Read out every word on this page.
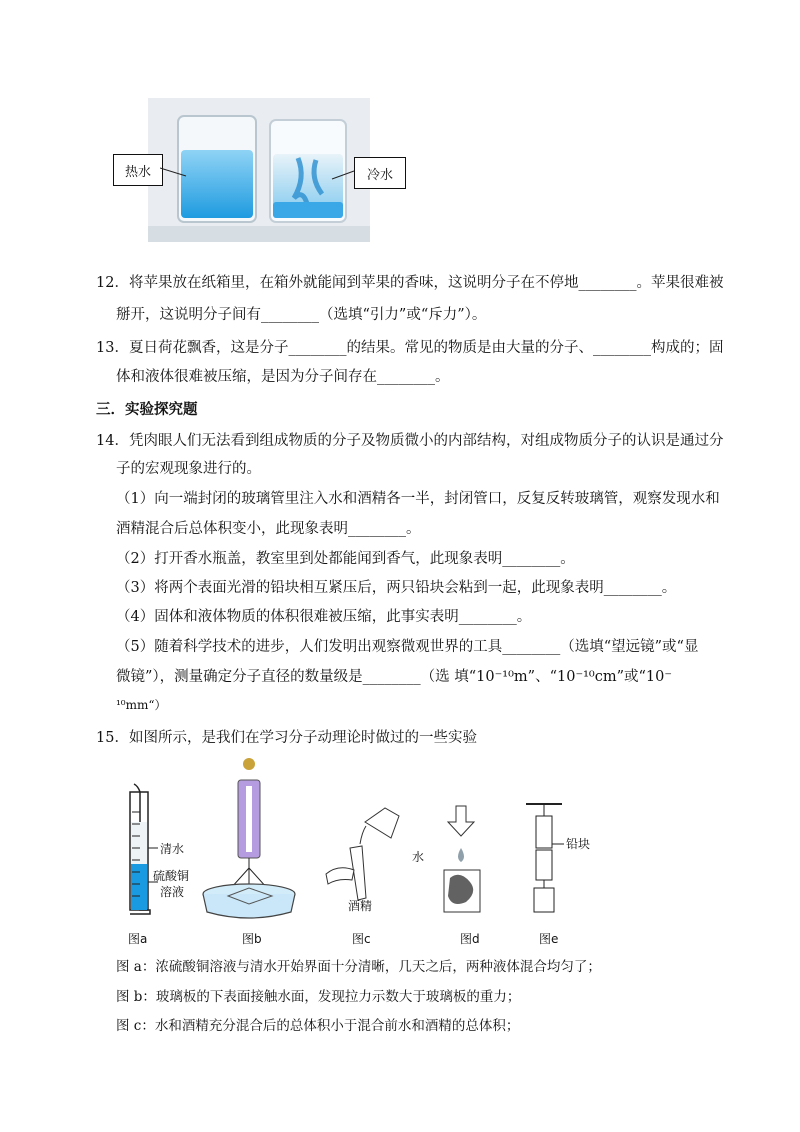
热水	冷水
12．将苹果放在纸箱里，在箱外就能闻到苹果的香味，这说明分子在不停地________。苹果很难被
掰开，这说明分子间有________（选填“引力”或“斥力”）。
13．夏日荷花飘香，这是分子________的结果。常见的物质是由大量的分子、________构成的；固
体和液体很难被压缩，是因为分子间存在________。
三．实验探究题
14．凭肉眼人们无法看到组成物质的分子及物质微小的内部结构，对组成物质分子的认识是通过分
子的宏观现象进行的。
（1）向一端封闭的玻璃管里注入水和酒精各一半，封闭管口，反复反转玻璃管，观察发现水和
酒精混合后总体积变小，此现象表明________。
（2）打开香水瓶盖，教室里到处都能闻到香气，此现象表明________。
（3）将两个表面光滑的铅块相互紧压后，两只铅块会粘到一起，此现象表明________。
（4）固体和液体物质的体积很难被压缩，此事实表明________。
（5）随着科学技术的进步，人们发明出观察微观世界的工具________（选填“望远镜”或“显
微镜”），测量确定分子直径的数量级是________（选 填“10⁻¹⁰m”、“10⁻¹⁰cm”或“10⁻
¹⁰mm“）
15．如图所示，是我们在学习分子动理论时做过的一些实验
清水
硫酸铜
溶液
水
酒精
铅块
图a	图b	图c	图d	图e
图 a：浓硫酸铜溶液与清水开始界面十分清晰，几天之后，两种液体混合均匀了；
图 b：玻璃板的下表面接触水面，发现拉力示数大于玻璃板的重力；
图 c：水和酒精充分混合后的总体积小于混合前水和酒精的总体积；
